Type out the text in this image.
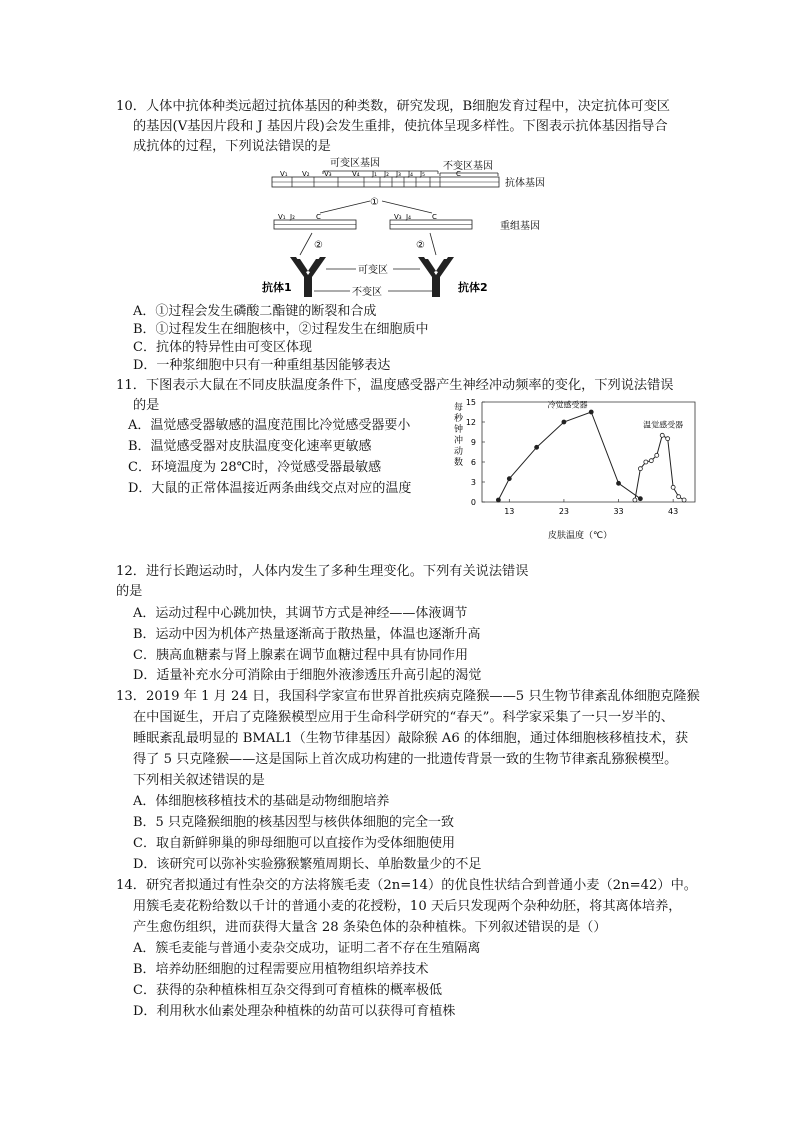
10．人体中抗体种类远超过抗体基因的种类数，研究发现，B细胞发育过程中，决定抗体可变区
的基因(V基因片段和 J 基因片段)会发生重排，使抗体呈现多样性。下图表示抗体基因指导合
成抗体的过程，下列说法错误的是
可变区基因	不变区基因
V₁ V₂ V₃	V₄ J₁ J₂ J₃ J₄ J₅	C
抗体基因
①
V₁ J₂	C	V₃ J₄	C
重组基因
②	②
可变区
不变区
抗体1	抗体2
A．①过程会发生磷酸二酯键的断裂和合成
B．①过程发生在细胞核中，②过程发生在细胞质中
C．抗体的特异性由可变区体现
D．一种浆细胞中只有一种重组基因能够表达
11．下图表示大鼠在不同皮肤温度条件下，温度感受器产生神经冲动频率的变化，下列说法错误
的是
A．温觉感受器敏感的温度范围比冷觉感受器要小
B．温觉感受器对皮肤温度变化速率更敏感
C．环境温度为 28℃时，冷觉感受器最敏感
D．大鼠的正常体温接近两条曲线交点对应的温度
每秒钟冲动数
0
3
6
9
12
15
13	23	33	43
冷觉感受器
温觉感受器
皮肤温度（℃）
12．进行长跑运动时，人体内发生了多种生理变化。下列有关说法错误
的是
A．运动过程中心跳加快，其调节方式是神经——体液调节
B．运动中因为机体产热量逐渐高于散热量，体温也逐渐升高
C．胰高血糖素与肾上腺素在调节血糖过程中具有协同作用
D．适量补充水分可消除由于细胞外液渗透压升高引起的渴觉
13．2019 年 1 月 24 日，我国科学家宣布世界首批疾病克隆猴——5 只生物节律紊乱体细胞克隆猴
在中国诞生，开启了克隆猴模型应用于生命科学研究的“春天”。科学家采集了一只一岁半的、
睡眠紊乱最明显的 BMAL1（生物节律基因）敲除猴 A6 的体细胞，通过体细胞核移植技术，获
得了 5 只克隆猴——这是国际上首次成功构建的一批遗传背景一致的生物节律紊乱猕猴模型。
下列相关叙述错误的是
A．体细胞核移植技术的基础是动物细胞培养
B．5 只克隆猴细胞的核基因型与核供体细胞的完全一致
C．取自新鲜卵巢的卵母细胞可以直接作为受体细胞使用
D．该研究可以弥补实验猕猴繁殖周期长、单胎数量少的不足
14．研究者拟通过有性杂交的方法将簇毛麦（2n=14）的优良性状结合到普通小麦（2n=42）中。
用簇毛麦花粉给数以千计的普通小麦的花授粉，10 天后只发现两个杂种幼胚，将其离体培养，
产生愈伤组织，进而获得大量含 28 条染色体的杂种植株。下列叙述错误的是（）
A．簇毛麦能与普通小麦杂交成功，证明二者不存在生殖隔离
B．培养幼胚细胞的过程需要应用植物组织培养技术
C．获得的杂种植株相互杂交得到可育植株的概率极低
D．利用秋水仙素处理杂种植株的幼苗可以获得可育植株
